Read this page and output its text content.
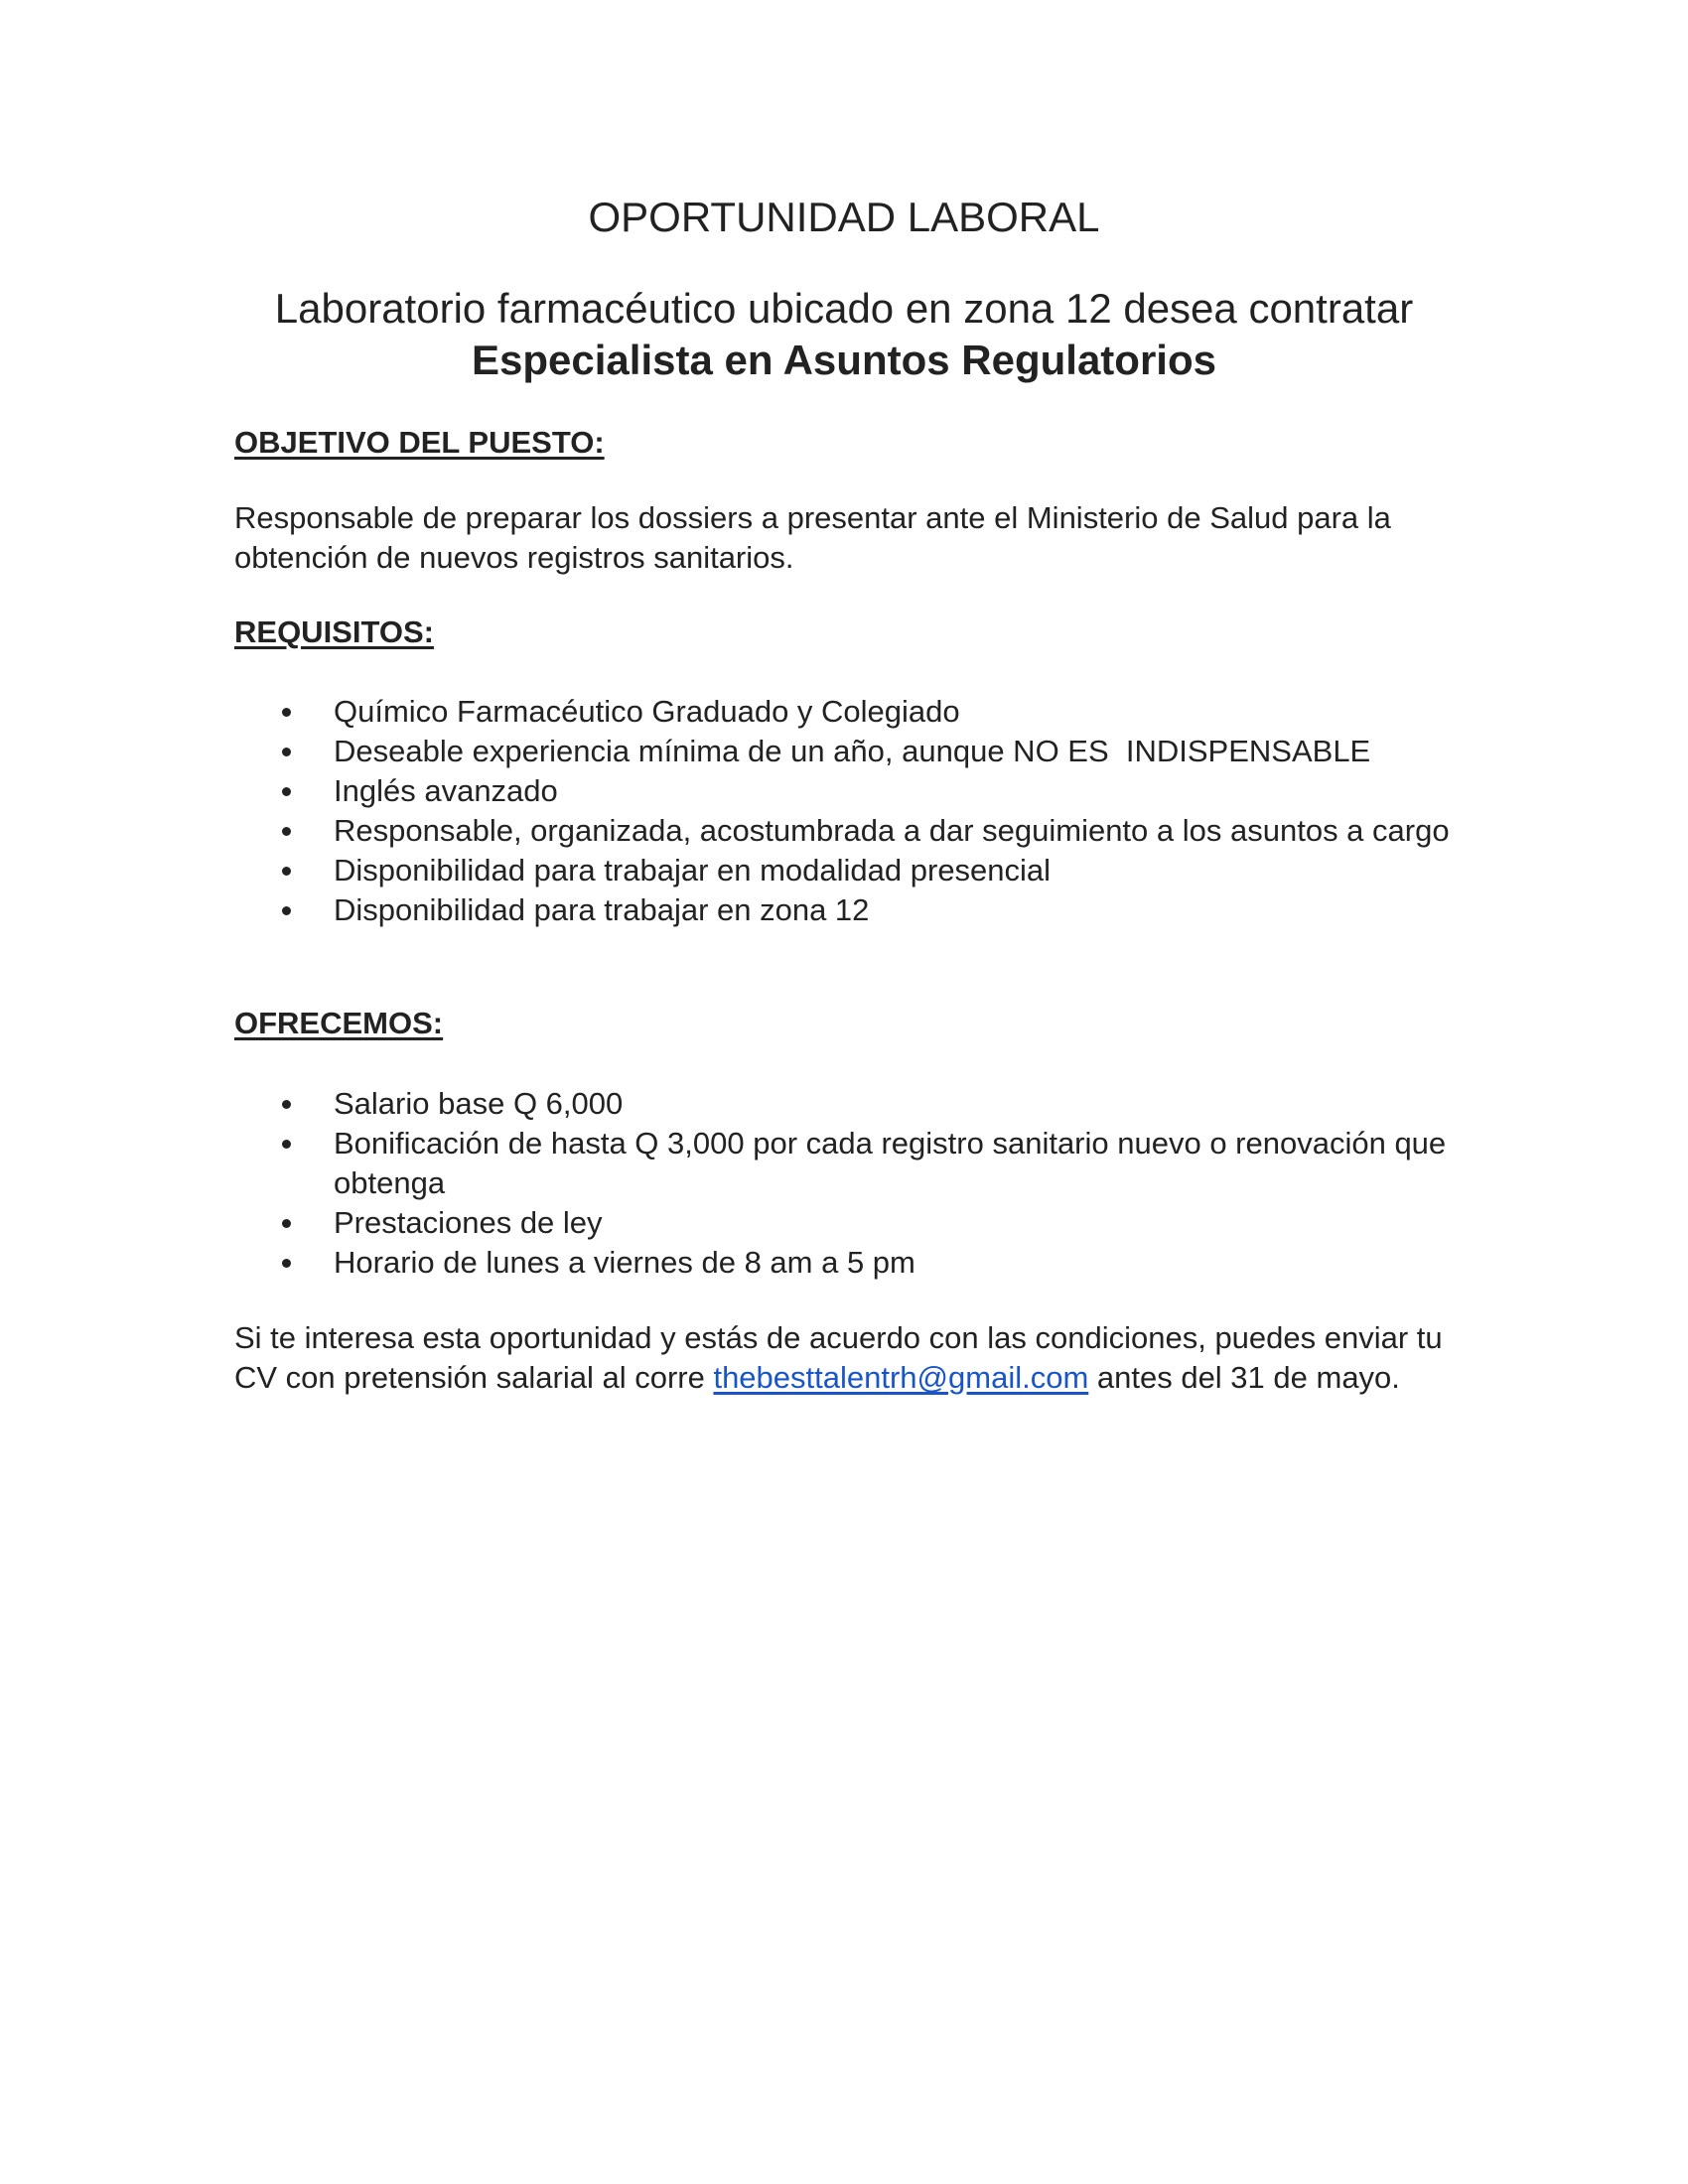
OPORTUNIDAD LABORAL
Laboratorio farmacéutico ubicado en zona 12 desea contratar
Especialista en Asuntos Regulatorios
OBJETIVO DEL PUESTO:

Responsable de preparar los dossiers a presentar ante el Ministerio de Salud para la obtención de nuevos registros sanitarios.

REQUISITOS:
Químico Farmacéutico Graduado y Colegiado
Deseable experiencia mínima de un año, aunque NO ES  INDISPENSABLE
Inglés avanzado
Responsable, organizada, acostumbrada a dar seguimiento a los asuntos a cargo
Disponibilidad para trabajar en modalidad presencial
Disponibilidad para trabajar en zona 12
OFRECEMOS:
Salario base Q 6,000
Bonificación de hasta Q 3,000 por cada registro sanitario nuevo o renovación que obtenga
Prestaciones de ley
Horario de lunes a viernes de 8 am a 5 pm

Si te interesa esta oportunidad y estás de acuerdo con las condiciones, puedes enviar tu CV con pretensión salarial al corre thebesttalentrh@gmail.com antes del 31 de mayo.
